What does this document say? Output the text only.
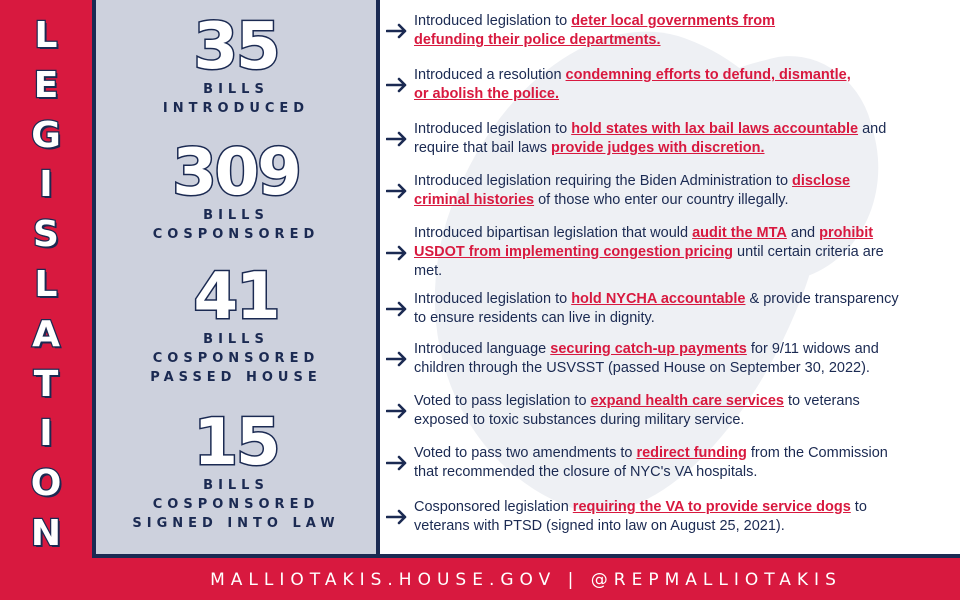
L
E
G
I
S
L
A
T
I
O
N
35
BILLS
INTRODUCED
309
BILLS
COSPONSORED
41
BILLS
COSPONSORED
PASSED HOUSE
15
BILLS
COSPONSORED
SIGNED INTO LAW

Introduced legislation to deter local governments from
defunding their police departments.

Introduced a resolution condemning efforts to defund, dismantle,
or abolish the police.

Introduced legislation to hold states with lax bail laws accountable and
require that bail laws provide judges with discretion.

Introduced legislation requiring the Biden Administration to disclose
criminal histories of those who enter our country illegally.

Introduced bipartisan legislation that would audit the MTA and prohibit
USDOT from implementing congestion pricing until certain criteria are
met.

Introduced legislation to hold NYCHA accountable & provide transparency
to ensure residents can live in dignity.

Introduced language securing catch-up payments for 9/11 widows and
children through the USVSST (passed House on September 30, 2022).

Voted to pass legislation to expand health care services to veterans
exposed to toxic substances during military service.

Voted to pass two amendments to redirect funding from the Commission
that recommended the closure of NYC's VA hospitals.

Cosponsored legislation requiring the VA to provide service dogs to
veterans with PTSD (signed into law on August 25, 2021).

MALLIOTAKIS.HOUSE.GOV | @REPMALLIOTAKIS
